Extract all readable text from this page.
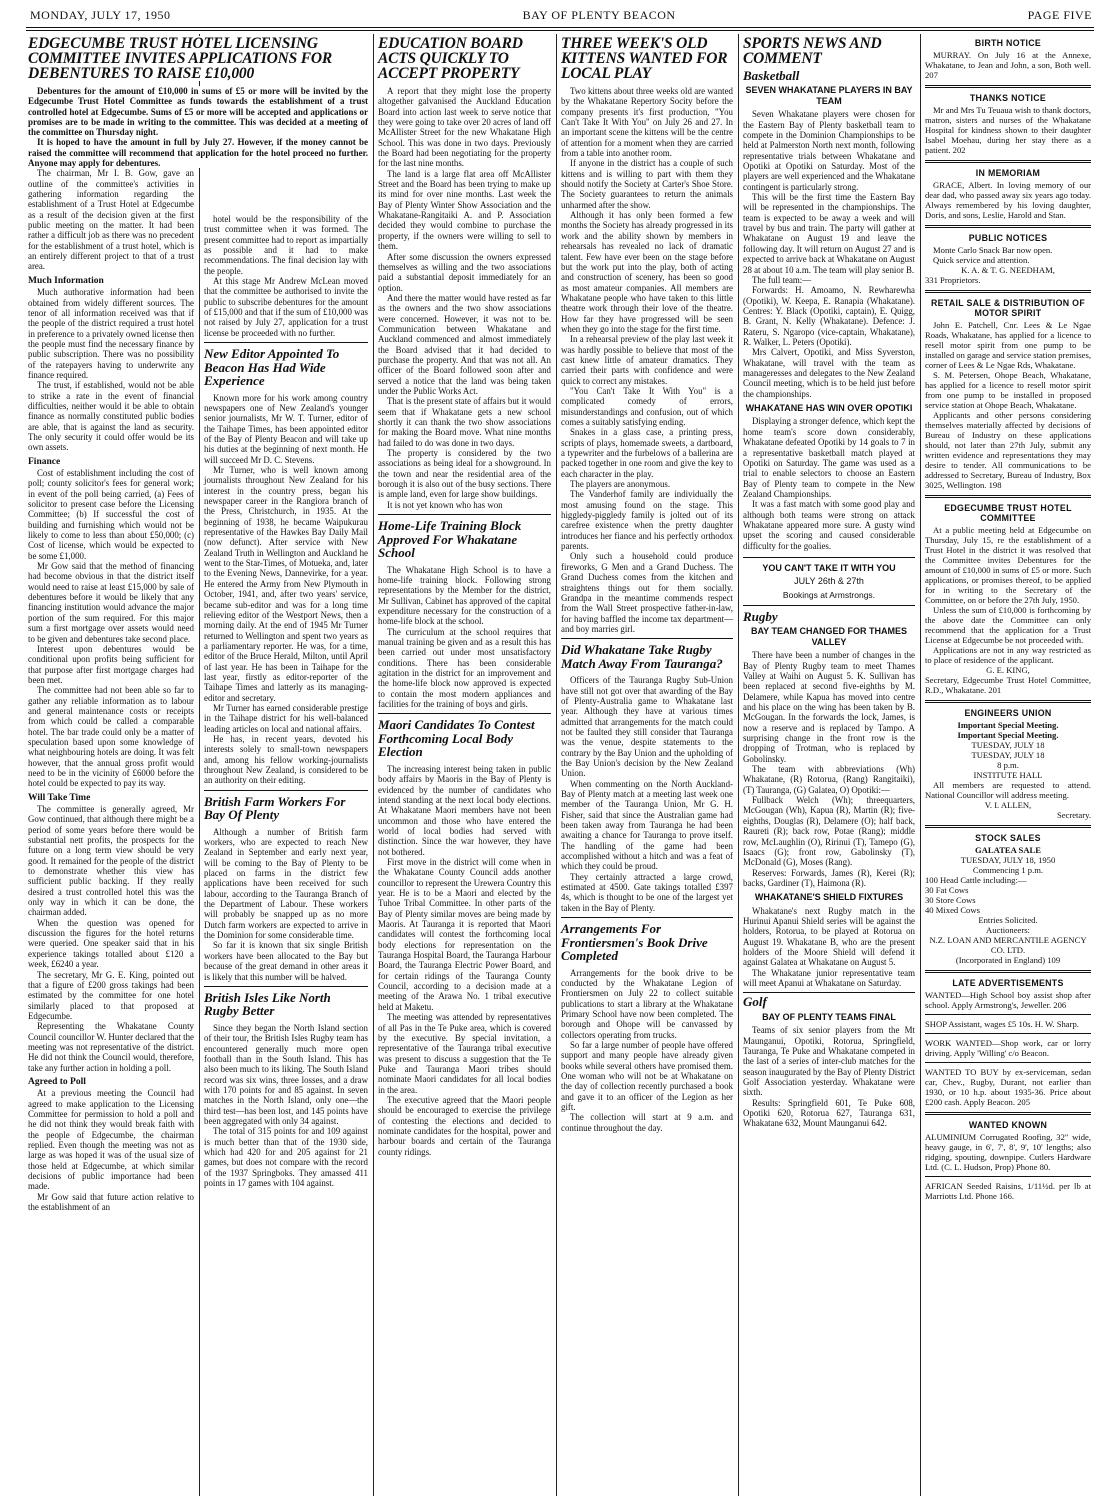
MONDAY, JULY 17, 1950	BAY OF PLENTY BEACON	PAGE FIVE
EDGECUMBE TRUST HOTEL LICENSING COMMITTEE INVITES APPLICATIONS FOR DEBENTURES TO RAISE £10,000

Debentures for the amount of £10,000 in sums of £5 or more will be invited by the Edgecumbe Trust Hotel Committee as funds towards the establishment of a trust controlled hotel at Edgecumbe. Sums of £5 or more will be accepted and applications or promises are to be made in writing to the committee. This was decided at a meeting of the committee on Thursday night.

It is hoped to have the amount in full by July 27. However, if the money cannot be raised the committee will recommend that application for the hotel proceed no further. Anyone may apply for debentures.

The chairman, Mr I. B. Gow, gave an outline of the committee's activities in gathering information regarding the establishment of a Trust Hotel at Edgecumbe as a result of the decision given at the first public meeting on the matter. It had been rather a difficult job as there was no precedent for the establishment of a trust hotel, which is an entirely different project to that of a trust area.

Much Information

Much authorative information had been obtained from widely different sources. The tenor of all information received was that if the people of the district required a trust hotel in preference to a privately owned license then the people must find the necessary finance by public subscription. There was no possibility of the ratepayers having to underwrite any finance required.

The trust, if established, would not be able to strike a rate in the event of financial difficulties, neither would it be able to obtain finance as normally constituted public bodies are able, that is against the land as security. The only security it could offer would be its own assets.

Finance

Cost of establishment including the cost of poll; county solicitor's fees for general work; in event of the poll being carried, (a) Fees of solicitor to present case before the Licensing Committee; (b) If successful the cost of building and furnishing which would not be likely to come to less than about £50,000; (c) Cost of license, which would be expected to be some £1,000.

Mr Gow said that the method of financing had become obvious in that the district itself would need to raise at least £15,000 by sale of debentures before it would be likely that any financing institution would advance the major portion of the sum required. For this major sum a first mortgage over assets would need to be given and debentures take second place.

Interest upon debentures would be conditional upon profits being sufficient for that purpose after first mortgage charges had been met.

The committee had not been able so far to gather any reliable information as to labour and general maintenance costs or receipts from which could be called a comparable hotel. The bar trade could only be a matter of speculation based upon some knowledge of what neighbouring hotels are doing. It was felt however, that the annual gross profit would need to be in the vicinity of £6000 before the hotel could be expected to pay its way.

Will Take Time

The committee is generally agreed, Mr Gow continued, that although there might be a period of some years before there would be substantial nett profits, the prospects for the future on a long term view should be very good. It remained for the people of the district to demonstrate whether this view has sufficient public backing. If they really desired a trust controlled hotel this was the only way in which it can be done, the chairman added.

When the question was opened for discussion the figures for the hotel returns were queried. One speaker said that in his experience takings totalled about £120 a week, £6240 a year.

The secretary, Mr G. E. King, pointed out that a figure of £200 gross takings had been estimated by the committee for one hotel similarly placed to that proposed at Edgecumbe.

Representing the Whakatane County Council councillor W. Hunter declared that the meeting was not representative of the district. He did not think the Council would, therefore, take any further action in holding a poll.

Agreed to Poll

At a previous meeting the Council had agreed to make application to the Licensing Committee for permission to hold a poll and he did not think they would break faith with the people of Edgecumbe, the chairman replied. Even though the meeting was not as large as was hoped it was of the usual size of those held at Edgecumbe, at which similar decisions of public importance had been made.

Mr Gow said that future action relative to the establishment of an

hotel would be the responsibility of the trust committee when it was formed. The present committee had to report as impartially as possible and it had to make recommendations. The final decision lay with the people.

At this stage Mr Andrew McLean moved that the committee be authorised to invite the public to subscribe debentures for the amount of £15,000 and that if the sum of £10,000 was not raised by July 27, application for a trust license be proceeded with no further.

New Editor Appointed To Beacon Has Had Wide Experience

Known more for his work among country newspapers one of New Zealand's younger senior journalists, Mr W. T. Turner, editor of the Taihape Times, has been appointed editor of the Bay of Plenty Beacon and will take up his duties at the beginning of next month. He will succeed Mr D. C. Stevens.

Mr Turner, who is well known among journalists throughout New Zealand for his interest in the country press, began his newspaper career in the Rangiora branch of the Press, Christchurch, in 1935. At the beginning of 1938, he became Waipukurau representative of the Hawkes Bay Daily Mail (now defunct). After service with New Zealand Truth in Wellington and Auckland he went to the Star-Times, of Motueka, and, later to the Evening News, Dannevirke, for a year. He entered the Army from New Plymouth in October, 1941, and, after two years' service, became sub-editor and was for a long time relieving editor of the Westport News, then a morning daily. At the end of 1945 Mr Turner returned to Wellington and spent two years as a parliamentary reporter. He was, for a time, editor of the Bruce Herald, Milton, until April of last year. He has been in Taihape for the last year, firstly as editor-reporter of the Taihape Times and latterly as its managing-editor and secretary.

Mr Turner has earned considerable prestige in the Taihape district for his well-balanced leading articles on local and national affairs.

He has, in recent years, devoted his interests solely to small-town newspapers and, among his fellow working-journalists throughout New Zealand, is considered to be an authority on their editing.

British Farm Workers For Bay Of Plenty

Although a number of British farm workers, who are expected to reach New Zealand in September and early next year, will be coming to the Bay of Plenty to be placed on farms in the district few applications have been received for such labour, according to the Tauranga Branch of the Department of Labour. These workers will probably be snapped up as no more Dutch farm workers are expected to arrive in the Dominion for some considerable time.

So far it is known that six single British workers have been allocated to the Bay but because of the great demand in other areas it is likely that this number will be halved.

British Isles Like North Rugby Better

Since they began the North Island section of their tour, the British Isles Rugby team has encountered generally much more open football than in the South Island. This has also been much to its liking. The South Island record was six wins, three losses, and a draw with 170 points for and 85 against. In seven matches in the North Island, only one—the third test—has been lost, and 145 points have been aggregated with only 34 against.

The total of 315 points for and 109 against is much better than that of the 1930 side, which had 420 for and 205 against for 21 games, but does not compare with the record of the 1937 Springboks. They amassed 411 points in 17 games with 104 against.

EDUCATION BOARD ACTS QUICKLY TO ACCEPT PROPERTY

A report that they might lose the property altogether galvanised the Auckland Education Board into action last week to serve notice that they were going to take over 20 acres of land off McAllister Street for the new Whakatane High School. This was done in two days. Previously the Board had been negotiating for the property for the last nine months.

The land is a large flat area off McAllister Street and the Board has been trying to make up its mind for over nine months. Last week the Bay of Plenty Winter Show Association and the Whakatane-Rangitaiki A. and P. Association decided they would combine to purchase the property, if the owners were willing to sell to them.

After some discussion the owners expressed themselves as willing and the two associations paid a substantial deposit immediately for an option.

And there the matter would have rested as far as the owners and the two show associations were concerned. However, it was not to be. Communication between Whakatane and Auckland commenced and almost immediately the Board advised that it had decided to purchase the property. And that was not all. An officer of the Board followed soon after and served a notice that the land was being taken under the Public Works Act.

That is the present state of affairs but it would seem that if Whakatane gets a new school shortly it can thank the two show associations for making the Board move. What nine months had failed to do was done in two days.

The property is considered by the two associations as being ideal for a showground. In the town and near the residential area of the borough it is also out of the busy sections. There is ample land, even for large show buildings.

It is not yet known who has won

Home-Life Training Block Approved For Whakatane School

The Whakatane High School is to have a home-life training block. Following strong representations by the Member for the district, Mr Sullivan, Cabinet has approved of the capital expenditure necessary for the construction of a home-life block at the school.

The curriculum at the school requires that manual training be given and as a result this has been carried out under most unsatisfactory conditions. There has been considerable agitation in the district for an improvement and the home-life block now approved is expected to contain the most modern appliances and facilities for the training of boys and girls.

Maori Candidates To Contest Forthcoming Local Body Election

The increasing interest being taken in public body affairs by Maoris in the Bay of Plenty is evidenced by the number of candidates who intend standing at the next local body elections. At Whakatane Maori members have not been uncommon and those who have entered the world of local bodies had served with distinction. Since the war however, they have not bothered.

First move in the district will come when in the Whakatane County Council adds another councillor to represent the Urewera Country this year. He is to be a Maori and elected by the Tuhoe Tribal Committee. In other parts of the Bay of Plenty similar moves are being made by Maoris. At Tauranga it is reported that Maori candidates will contest the forthcoming local body elections for representation on the Tauranga Hospital Board, the Tauranga Harbour Board, the Tauranga Electric Power Board, and for certain ridings of the Tauranga County Council, according to a decision made at a meeting of the Arawa No. 1 tribal executive held at Maketu.

The meeting was attended by representatives of all Pas in the Te Puke area, which is covered by the executive. By special invitation, a representative of the Tauranga tribal executive was present to discuss a suggestion that the Te Puke and Tauranga Maori tribes should nominate Maori candidates for all local bodies in the area.

The executive agreed that the Maori people should be encouraged to exercise the privilege of contesting the elections and decided to nominate candidates for the hospital, power and harbour boards and certain of the Tauranga county ridings.

THREE WEEK'S OLD KITTENS WANTED FOR LOCAL PLAY

Two kittens about three weeks old are wanted by the Whakatane Repertory Socity before the company presents it's first production, "You Can't Take It With You" on July 26 and 27. In an important scene the kittens will be the centre of attention for a moment when they are carried from a table into another room.

If anyone in the district has a couple of such kittens and is willing to part with them they should notify the Society at Carter's Shoe Store. The Society guarantees to return the animals unharmed after the show.

Although it has only been formed a few months the Society has already progressed in its work and the ability shown by members in rehearsals has revealed no lack of dramatic talent. Few have ever been on the stage before but the work put into the play, both of acting and construction of scenery, has been so good as most amateur companies. All members are Whakatane people who have taken to this little theatre work through their love of the theatre. How far they have progressed will be seen when they go into the stage for the first time.

In a rehearsal preview of the play last week it was hardly possible to believe that most of the cast knew little of amateur dramatics. They carried their parts with confidence and were quick to correct any mistakes.

"You Can't Take It With You" is a complicated comedy of errors, misunderstandings and confusion, out of which comes a suitably satisfying ending.

Snakes in a glass case, a printing press, scripts of plays, homemade sweets, a dartboard, a typewriter and the furbelows of a ballerina are packed together in one room and give the key to each character in the play.

The players are anonymous.

The Vanderhof family are individually the most amusing found on the stage. This higgledy-piggledy family is jolted out of its carefree existence when the pretty daughter introduces her fiance and his perfectly orthodox parents.

Only such a household could produce fireworks, G Men and a Grand Duchess. The Grand Duchess comes from the kitchen and straightens things out for them socially. Grandpa in the meantime commends respect from the Wall Street prospective father-in-law, for having baffled the income tax department—and boy marries girl.

Did Whakatane Take Rugby Match Away From Tauranga?

Officers of the Tauranga Rugby Sub-Union have still not got over that awarding of the Bay of Plenty-Australia game to Whakatane last year. Although they have at various times admitted that arrangements for the match could not be faulted they still consider that Tauranga was the venue, despite statements to the contrary by the Bay Union and the upholding of the Bay Union's decision by the New Zealand Union.

When commenting on the North Auckland-Bay of Plenty match at a meeting last week one member of the Tauranga Union, Mr G. H. Fisher, said that since the Australian game had been taken away from Tauranga he had been awaiting a chance for Tauranga to prove itself. The handling of the game had been accomplished without a hitch and was a feat of which they could be proud.

They certainly attracted a large crowd, estimated at 4500. Gate takings totalled £397 4s, which is thought to be one of the largest yet taken in the Bay of Plenty.

Arrangements For Frontiersmen's Book Drive Completed

Arrangements for the book drive to be conducted by the Whakatane Legion of Frontiersmen on July 22 to collect suitable publications to start a library at the Whakatane Primary School have now been completed. The borough and Ohope will be canvassed by collectors operating from trucks.

So far a large number of people have offered support and many people have already given books while several others have promised them. One woman who will not be at Whakatane on the day of collection recently purchased a book and gave it to an officer of the Legion as her gift.

The collection will start at 9 a.m. and continue throughout the day.

SPORTS NEWS AND COMMENT
Basketball
SEVEN WHAKATANE PLAYERS IN BAY TEAM

Seven Whakatane players were chosen for the Eastern Bay of Plenty basketball team to compete in the Dominion Championships to be held at Palmerston North next month, following representative trials between Whakatane and Opotiki at Opotiki on Saturday. Most of the players are well experienced and the Whakatane contingent is particularly strong.

This will be the first time the Eastern Bay will be represented in the championships. The team is expected to be away a week and will travel by bus and train. The party will gather at Whakatane on August 19 and leave the following day. It will return on August 27 and is expected to arrive back at Whakatane on August 28 at about 10 a.m. The team will play senior B.

The full team:—

Forwards: H. Amoamo, N. Rewharewha (Opotiki), W. Keepa, E. Ranapia (Whakatane). Centres: Y. Black (Opotiki, captain), E. Quigg, B. Grant, N. Kelly (Whakatane). Defence: J. Rateru, S. Ngaropo (vice-captain, Whakatane), R. Walker, L. Peters (Opotiki).

Mrs Calvert, Opotiki, and Miss Syverston, Whakatane, will travel with the team as manageresses and delegates to the New Zealand Council meeting, which is to be held just before the championships.

WHAKATANE HAS WIN OVER OPOTIKI

Displaying a stronger defence, which kept the home team's score down considerably, Whakatane defeated Opotiki by 14 goals to 7 in a representative basketball match played at Opotiki on Saturday. The game was used as a trial to enable selectors to choose an Eastern Bay of Plenty team to compete in the New Zealand Championships.

It was a fast match with some good play and although both teams were strong on attack Whakatane appeared more sure. A gusty wind upset the scoring and caused considerable difficulty for the goalies.

YOU CAN'T TAKE IT WITH YOU
JULY 26th & 27th
Bookings at Armstrongs.
Rugby
BAY TEAM CHANGED FOR THAMES VALLEY

There have been a number of changes in the Bay of Plenty Rugby team to meet Thames Valley at Waihi on August 5. K. Sullivan has been replaced at second five-eighths by M. Delamere, while Kapua has moved into centre and his place on the wing has been taken by B. McGougan. In the forwards the lock, James, is now a reserve and is replaced by Tampo. A surprising change in the front row is the dropping of Trotman, who is replaced by Gobolinsky.

The team with abbreviations (Wh) Whakatane, (R) Rotorua, (Rang) Rangitaiki), (T) Tauranga, (G) Galatea, O) Opotiki:—

Fullback Welch (Wh); threequarters, McGougan (Wh), Kapua (R), Martin (R); five-eighths, Douglas (R), Delamere (O); half back, Raureti (R); back row, Potae (Rang); middle row, McLaughlin (O), Ririnui (T), Tamepo (G), Isaacs (G); front row, Gabolinsky (T), McDonald (G), Moses (Rang).

Reserves: Forwards, James (R), Kerei (R); backs, Gardiner (T), Haimona (R).

WHAKATANE'S SHIELD FIXTURES

Whakatane's next Rugby match in the Hurinui Apanui Shield series will be against the holders, Rotorua, to be played at Rotorua on August 19. Whakatane B, who are the present holders of the Moore Shield will defend it against Galatea at Whakatane on August 5.

The Whakatane junior representative team will meet Apanui at Whakatane on Saturday.

Golf
BAY OF PLENTY TEAMS FINAL

Teams of six senior players from the Mt Maunganui, Opotiki, Rotorua, Springfield, Tauranga, Te Puke and Whakatane competed in the last of a series of inter-club matches for the season inaugurated by the Bay of Plenty District Golf Association yesterday. Whakatane were sixth.

Results: Springfield 601, Te Puke 608, Opotiki 620, Rotorua 627, Tauranga 631, Whakatane 632, Mount Maunganui 642.

BIRTH NOTICE

MURRAY. On July 16 at the Annexe, Whakatane, to Jean and John, a son, Both well. 207

THANKS NOTICE

Mr and Mrs Tu Teuaua wish to thank doctors, matron, sisters and nurses of the Whakatane Hospital for kindness shown to their daughter Isabel Moehau, during her stay there as a patient. 202

IN MEMORIAM

GRACE, Albert. In loving memory of our dear dad, who passed away six years ago today. Always remembered by his loving daughter, Doris, and sons, Leslie, Harold and Stan.

PUBLIC NOTICES

Monte Carlo Snack Bar now open.

Quick service and attention.

K. A. & T. G. NEEDHAM,

331 Proprietors.

RETAIL SALE & DISTRIBUTION OF MOTOR SPIRIT

John E. Patchell, Cnr. Lees & Le Ngae Roads, Whakatane, has applied for a licence to resell motor spirit from one pump to be installed on garage and service station premises, corner of Lees & Le Ngae Rds, Whakatane.

S. M. Petersen, Ohope Beach, Whakatane, has applied for a licence to resell motor spirit from one pump to be installed in proposed service station at Ohope Beach, Whakatane.

Applicants and other persons considering themselves materially affected by decisions of Bureau of Industry on these applications should, not later than 27th July, submit any written evidence and representations they may desire to tender. All communications to be addressed to Secretary, Bureau of Industry, Box 3025, Wellington. 198

EDGECUMBE TRUST HOTEL COMMITTEE

At a public meeting held at Edgecumbe on Thursday, July 15, re the establishment of a Trust Hotel in the district it was resolved that the Committee invites Debentures for the amount of £10,000 in sums of £5 or more. Such applications, or promises thereof, to be applied for in writing to the Secretary of the Committee, on or before the 27th July, 1950.

Unless the sum of £10,000 is forthcoming by the above date the Committee can only recommend that the application for a Trust License at Edgecumbe be not proceeded with.

Applications are not in any way restricted as to place of residence of the applicant.

G. E. KING,

Secretary, Edgecumbe Trust Hotel Committee, R.D., Whakatane. 201

ENGINEERS UNION

Important Special Meeting.

Important Special Meeting.

TUESDAY, JULY 18

TUESDAY, JULY 18

8 p.m.

INSTITUTE HALL

All members are requested to attend. National Councillor will address meeting.

V. I. ALLEN,

Secretary.

STOCK SALES

GALATEA SALE

TUESDAY, JULY 18, 1950

Commencing 1 p.m.

100 Head Cattle including:—

30 Fat Cows

30 Store Cows

40 Mixed Cows

Entries Solicited.

Auctioneers:

N.Z. LOAN AND MERCANTILE AGENCY CO. LTD.

(Incorporated in England) 109

LATE ADVERTISEMENTS

WANTED—High School boy assist shop after school. Apply Armstrong's, Jeweller. 206

SHOP Assistant, wages £5 10s. H. W. Sharp.

WORK WANTED—Shop work, car or lorry driving. Apply 'Willing' c/o Beacon.

WANTED TO BUY by ex-serviceman, sedan car, Chev., Rugby, Durant, not earlier than 1930, or 10 h.p. about 1935-36. Price about £200 cash. Apply Beacon. 205

WANTED KNOWN

ALUMINIUM Corrugated Roofing, 32" wide, heavy gauge, in 6', 7', 8', 9', 10' lengths; also ridging, spouting, downpipe. Cutlers Hardware Ltd. (C. L. Hudson, Prop) Phone 80.

AFRICAN Seeded Raisins, 1/11½d. per lb at Marriotts Ltd. Phone 166.
